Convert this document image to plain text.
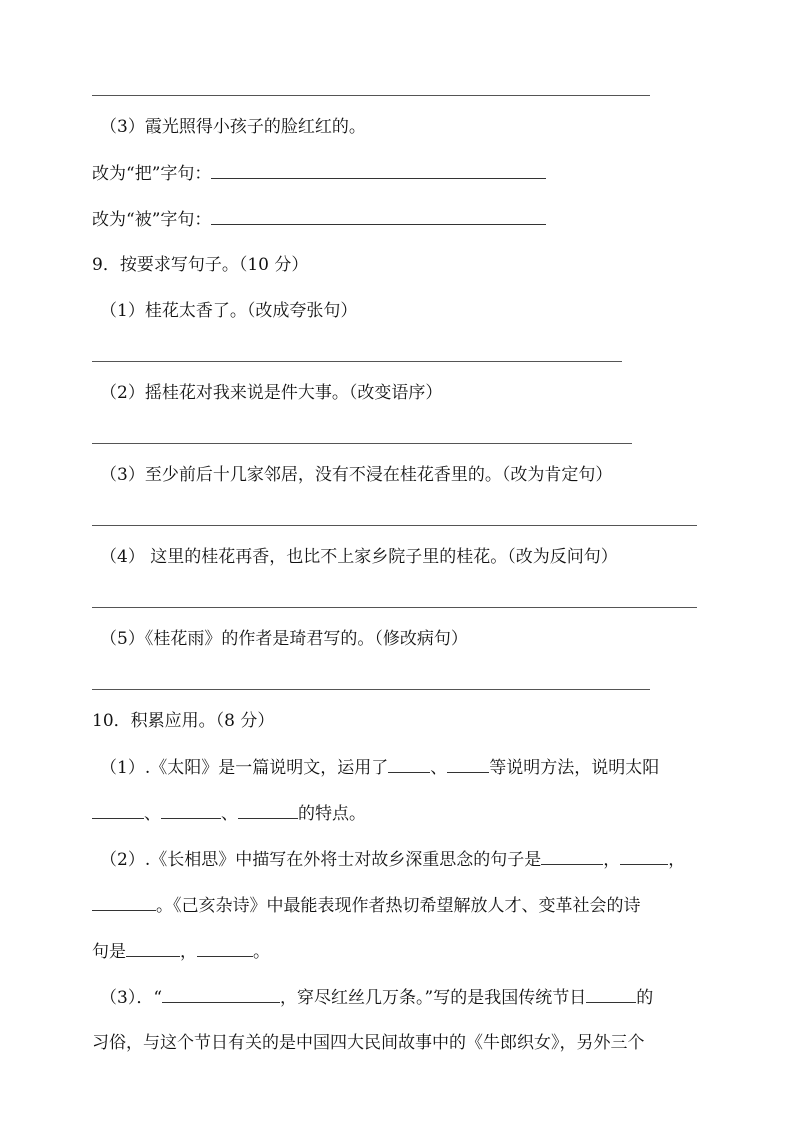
（3）霞光照得小孩子的脸红红的。
改为“把”字句：
改为“被”字句：
9．按要求写句子。（10 分）
（1）桂花太香了。（改成夸张句）
（2）摇桂花对我来说是件大事。（改变语序）
（3）至少前后十几家邻居，没有不浸在桂花香里的。（改为肯定句）
（4） 这里的桂花再香，也比不上家乡院子里的桂花。（改为反问句）
（5）《桂花雨》的作者是琦君写的。（修改病句）
10．积累应用。（8 分）
（1）.《太阳》是一篇说明文，运用了 、 等说明方法，说明太阳
、	、	的特点。
（2）.《长相思》中描写在外将士对故乡深重思念的句子是	，	，
。《己亥杂诗》中最能表现作者热切希望解放人才、变革社会的诗
句是	，	。
（3）．“	，穿尽红丝几万条。”写的是我国传统节日	的
习俗，与这个节日有关的是中国四大民间故事中的《牛郎织女》，另外三个
